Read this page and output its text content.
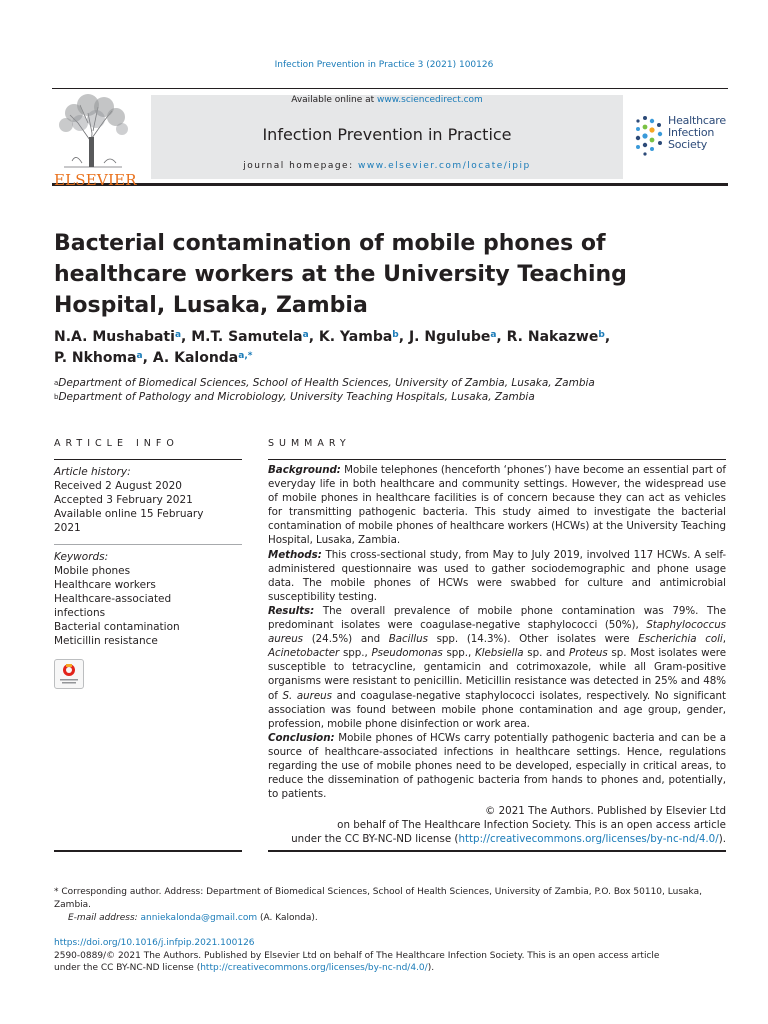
Infection Prevention in Practice 3 (2021) 100126
ELSEVIER
Available online at www.sciencedirect.com
Infection Prevention in Practice
journal homepage: www.elsevier.com/locate/ipip
Healthcare
Infection
Society
Bacterial contamination of mobile phones of healthcare workers at the University Teaching Hospital, Lusaka, Zambia
N.A. Mushabati$^a$, M.T. Samutela$^a$, K. Yamba$^b$, J. Ngulube$^a$, R. Nakazwe$^b$,
P. Nkhoma$^a$, A. Kalonda$^{a,*}$
$^a$Department of Biomedical Sciences, School of Health Sciences, University of Zambia, Lusaka, Zambia
$^b$Department of Pathology and Microbiology, University Teaching Hospitals, Lusaka, Zambia
ARTICLE INFO	SUMMARY
Article history:
Received 2 August 2020
Accepted 3 February 2021
Available online 15 February
2021
Keywords:
Mobile phones
Healthcare workers
Healthcare-associated
infections
Bacterial contamination
Meticillin resistance

Background: Mobile telephones (henceforth ‘phones’) have become an essential part of everyday life in both healthcare and community settings. However, the widespread use of mobile phones in healthcare facilities is of concern because they can act as vehicles for transmitting pathogenic bacteria. This study aimed to investigate the bacterial contamination of mobile phones of healthcare workers (HCWs) at the University Teaching Hospital, Lusaka, Zambia.

Methods: This cross-sectional study, from May to July 2019, involved 117 HCWs. A self-administered questionnaire was used to gather sociodemographic and phone usage data. The mobile phones of HCWs were swabbed for culture and antimicrobial susceptibility testing.

Results: The overall prevalence of mobile phone contamination was 79%. The predominant isolates were coagulase-negative staphylococci (50%), Staphylococcus aureus (24.5%) and Bacillus spp. (14.3%). Other isolates were Escherichia coli, Acinetobacter spp., Pseudomonas spp., Klebsiella sp. and Proteus sp. Most isolates were susceptible to tetracycline, gentamicin and cotrimoxazole, while all Gram-positive organisms were resistant to penicillin. Meticillin resistance was detected in 25% and 48% of S. aureus and coagulase-negative staphylococci isolates, respectively. No significant association was found between mobile phone contamination and age group, gender, profession, mobile phone disinfection or work area.

Conclusion: Mobile phones of HCWs carry potentially pathogenic bacteria and can be a source of healthcare-associated infections in healthcare settings. Hence, regulations regarding the use of mobile phones need to be developed, especially in critical areas, to reduce the dissemination of pathogenic bacteria from hands to phones and, potentially, to patients.

© 2021 The Authors. Published by Elsevier Ltd
on behalf of The Healthcare Infection Society. This is an open access article
under the CC BY-NC-ND license (http://creativecommons.org/licenses/by-nc-nd/4.0/).
* Corresponding author. Address: Department of Biomedical Sciences, School of Health Sciences, University of Zambia, P.O. Box 50110, Lusaka, Zambia.
E-mail address: anniekalonda@gmail.com (A. Kalonda).
https://doi.org/10.1016/j.infpip.2021.100126
2590-0889/© 2021 The Authors. Published by Elsevier Ltd on behalf of The Healthcare Infection Society. This is an open access article
under the CC BY-NC-ND license (http://creativecommons.org/licenses/by-nc-nd/4.0/).
